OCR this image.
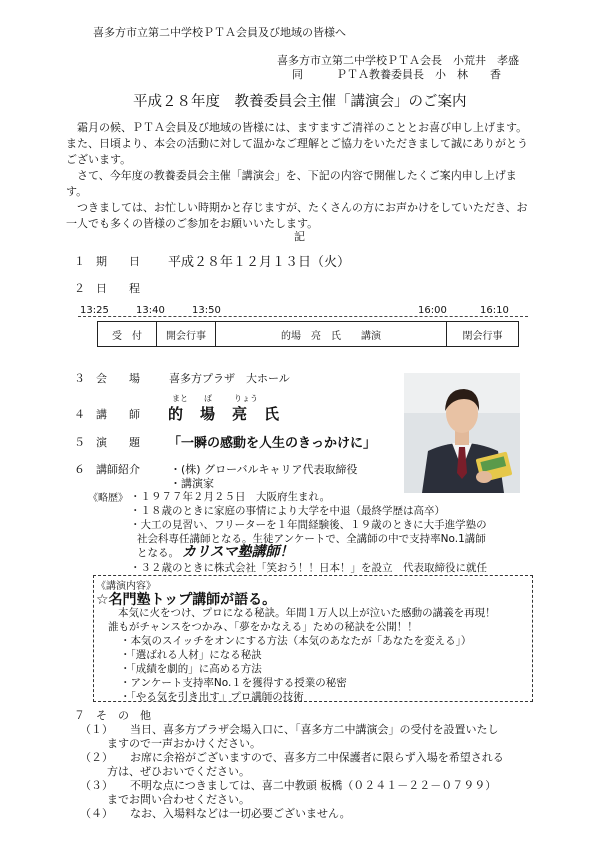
喜多方市立第二中学校ＰＴＡ会員及び地域の皆様へ
喜多方市立第二中学校ＰＴＡ会長　小荒井　孝盛
同　　　ＰＴＡ教養委員長　小　林　　香
平成２８年度　教養委員会主催「講演会」のご案内
霜月の候、ＰＴＡ会員及び地域の皆様には、ますますご清祥のこととお喜び申し上げます。また、日頃より、本会の活動に対して温かなご理解とご協力をいただきまして誠にありがとうございます。
さて、今年度の教養委員会主催「講演会」を、下記の内容で開催したくご案内申し上げます。
つきましては、お忙しい時期かと存じますが、たくさんの方にお声かけをしていただき、お一人でも多くの皆様のご参加をお願いいたします。
記
１　期　　日 平成２８年１２月１３日（火）
２　日　　程
13:25	13:40	13:50	16:00	16:10
受　付	開会行事	的場　亮　氏　　講演	閉会行事
３　会　　場	喜多方プラザ　大ホール
まと　　ば	りょう
４　講　　師 的　場　亮　氏
５　演　　題 「一瞬の感動を人生のきっかけに」
６　講師紹介	・(株) グローバルキャリア代表取締役
・講演家
《略歴》 ・１９７７年２月２５日　大阪府生まれ。
・１８歳のときに家庭の事情により大学を中退（最終学歴は高卒）
・大工の見習い、フリーターを１年間経験後、１９歳のときに大手進学塾の
社会科専任講師となる。生徒アンケートで、全講師の中で支持率No.1講師
となる。 カリスマ塾講師！
・３２歳のときに株式会社「笑おう！！日本！」を設立　代表取締役に就任
《講演内容》
☆名門塾トップ講師が語る。
本気に火をつけ、プロになる秘訣。年間１万人以上が泣いた感動の講義を再現！
誰もがチャンスをつかみ、「夢をかなえる」ための秘訣を公開！！
・本気のスイッチをオンにする方法（本気のあなたが「あなたを変える」）
・「選ばれる人材」になる秘訣
・「成績を劇的」に高める方法
・アンケート支持率No.１を獲得する授業の秘密
・「やる気を引き出す」プロ講師の技術
７　そ　の　他
（１） 当日、喜多方プラザ会場入口に、「喜多方二中講演会」の受付を設置いたし
ますので一声おかけください。
（２） お席に余裕がございますので、喜多方二中保護者に限らず入場を希望される
方は、ぜひおいでください。
（３） 不明な点につきましては、喜二中教頭 板橋（０２４１－２２－０７９９）
までお問い合わせください。
（４） なお、入場料などは一切必要ございません。
